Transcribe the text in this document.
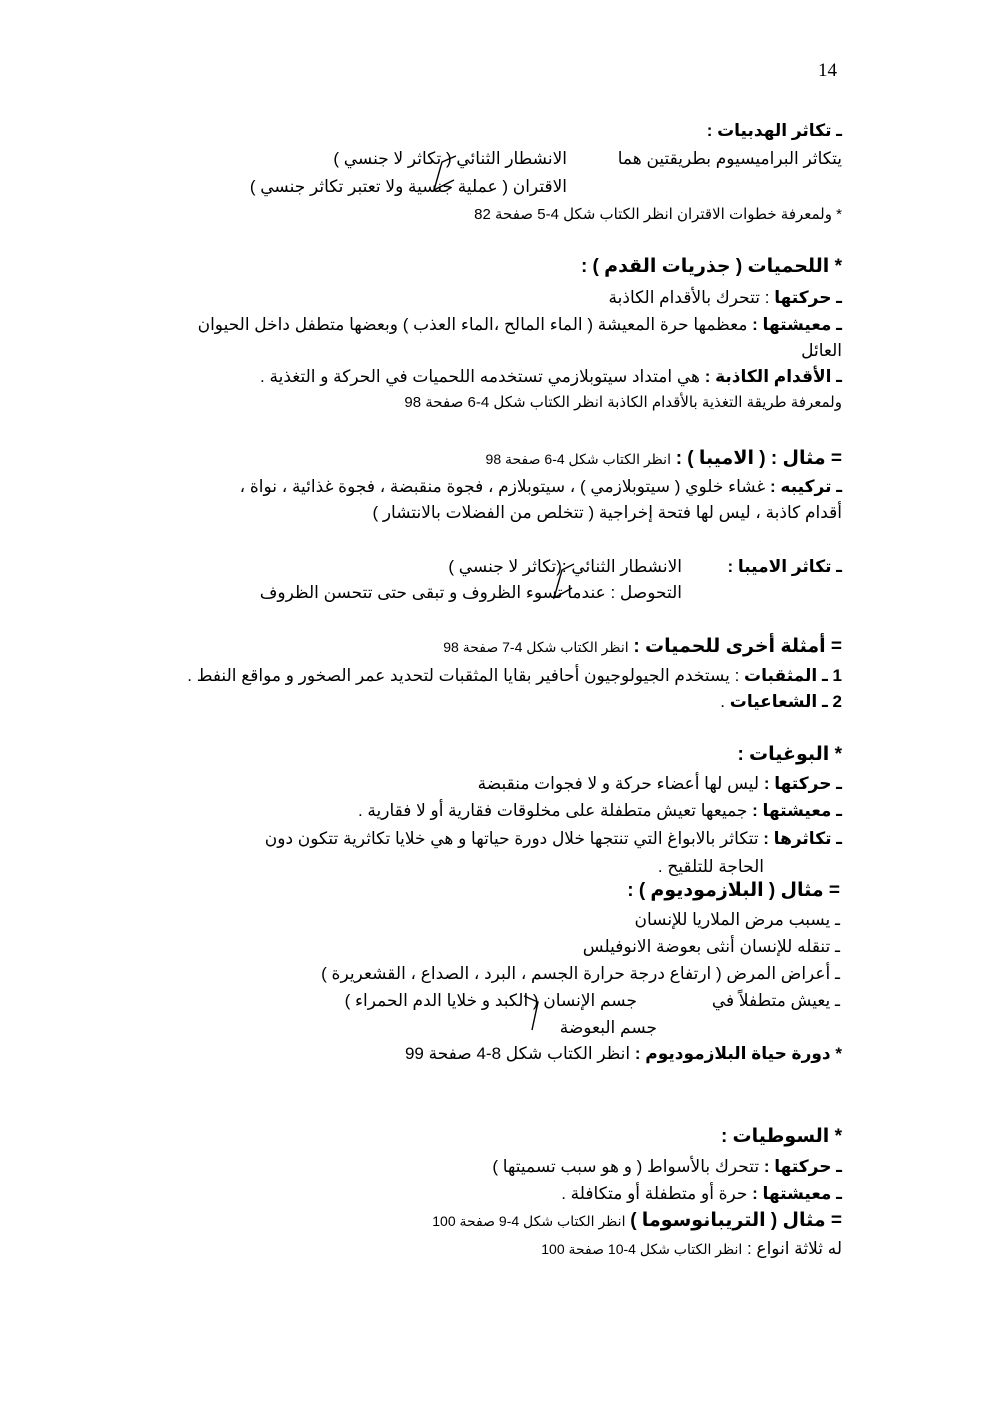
14
ـ تكاثر الهدبيات :
يتكاثر البراميسيوم بطريقتين هما
الانشطار الثنائي ( تكاثر لا جنسي )
الاقتران ( عملية جنسية ولا تعتبر تكاثر جنسي )
* ولمعرفة خطوات الاقتران انظر الكتاب شكل 4-5 صفحة 82
* اللحميات ( جذريات القدم ) :
ـ حركتها : تتحرك بالأقدام الكاذبة
ـ معيشتها : معظمها حرة المعيشة ( الماء المالح ،الماء العذب ) وبعضها متطفل داخل الحيوان
العائل
ـ الأقدام الكاذبة : هي امتداد سيتوبلازمي تستخدمه اللحميات في الحركة و التغذية .
ولمعرفة طريقة التغذية بالأقدام الكاذبة انظر الكتاب شكل 4-6 صفحة 98
= مثال : ( الاميبا ) : انظر الكتاب شكل 4-6 صفحة 98
ـ تركيبه : غشاء خلوي ( سيتوبلازمي ) ، سيتوبلازم ، فجوة منقبضة ، فجوة غذائية ، نواة ،
أقدام كاذبة ، ليس لها فتحة إخراجية ( تتخلص من الفضلات بالانتشار )
ـ تكاثر الاميبا :
الانشطار الثنائي :(تكاثر لا جنسي )
التحوصل : عندما تسوء الظروف و تبقى حتى تتحسن الظروف
= أمثلة أخرى للحميات : انظر الكتاب شكل 4-7 صفحة 98
1 ـ المثقبات : يستخدم الجيولوجيون أحافير بقايا المثقبات لتحديد عمر الصخور و مواقع النفط .
2 ـ الشعاعيات .
* البوغيات :
ـ حركتها : ليس لها أعضاء حركة و لا فجوات منقبضة
ـ معيشتها : جميعها تعيش متطفلة على مخلوقات فقارية أو لا فقارية .
ـ تكاثرها : تتكاثر بالابواغ التي تنتجها خلال دورة حياتها و هي خلايا تكاثرية تتكون دون
الحاجة للتلقيح .
= مثال ( البلازموديوم ) :
ـ يسبب مرض الملاريا للإنسان
ـ تنقله للإنسان أنثى بعوضة الانوفيلس
ـ أعراض المرض ( ارتفاع درجة حرارة الجسم ، البرد ، الصداع ، القشعريرة )
ـ يعيش متطفلاً في
جسم الإنسان ( الكبد و خلايا الدم الحمراء )
جسم البعوضة
* دورة حياة البلازموديوم : انظر الكتاب شكل 8-4 صفحة 99
* السوطيات :
ـ حركتها : تتحرك بالأسواط ( و هو سبب تسميتها )
ـ معيشتها : حرة أو متطفلة أو متكافلة .
= مثال ( التريبانوسوما ) انظر الكتاب شكل 4-9 صفحة 100
له ثلاثة انواع : انظر الكتاب شكل 4-10 صفحة 100
